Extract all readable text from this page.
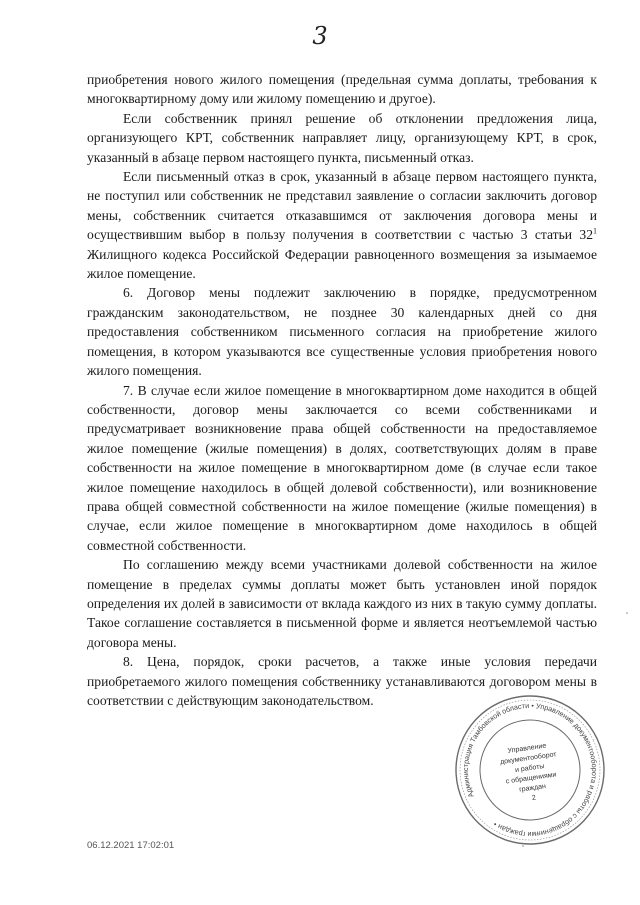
3

приобретения нового жилого помещения (предельная сумма доплаты, требования к многоквартирному дому или жилому помещению и другое).

Если собственник принял решение об отклонении предложения лица, организующего КРТ, собственник направляет лицу, организующему КРТ, в срок, указанный в абзаце первом настоящего пункта, письменный отказ.

Если письменный отказ в срок, указанный в абзаце первом настоящего пункта, не поступил или собственник не представил заявление о согласии заключить договор мены, собственник считается отказавшимся от заключения договора мены и осуществившим выбор в пользу получения в соответствии с частью 3 статьи $32^1$ Жилищного кодекса Российской Федерации равноценного возмещения за изымаемое жилое помещение.

6. Договор мены подлежит заключению в порядке, предусмотренном гражданским законодательством, не позднее 30 календарных дней со дня предоставления собственником письменного согласия на приобретение жилого помещения, в котором указываются все существенные условия приобретения нового жилого помещения.

7. В случае если жилое помещение в многоквартирном доме находится в общей собственности, договор мены заключается со всеми собственниками и предусматривает возникновение права общей собственности на предоставляемое жилое помещение (жилые помещения) в долях, соответствующих долям в праве собственности на жилое помещение в многоквартирном доме (в случае если такое жилое помещение находилось в общей долевой собственности), или возникновение права общей совместной собственности на жилое помещение (жилые помещения) в случае, если жилое помещение в многоквартирном доме находилось в общей совместной собственности.

По соглашению между всеми участниками долевой собственности на жилое помещение в пределах суммы доплаты может быть установлен иной порядок определения их долей в зависимости от вклада каждого из них в такую сумму доплаты. Такое соглашение составляется в письменной форме и является неотъемлемой частью договора мены.

8. Цена, порядок, сроки расчетов, а также иные условия передачи приобретаемого жилого помещения собственнику устанавливаются договором мены в соответствии с действующим законодательством.

Администрация Тамбовской области • Управление документооборота и работы с обращениями граждан •
Управление
документооборот
и работы
с обращениями
граждан
2
06.12.2021 17:02:01
